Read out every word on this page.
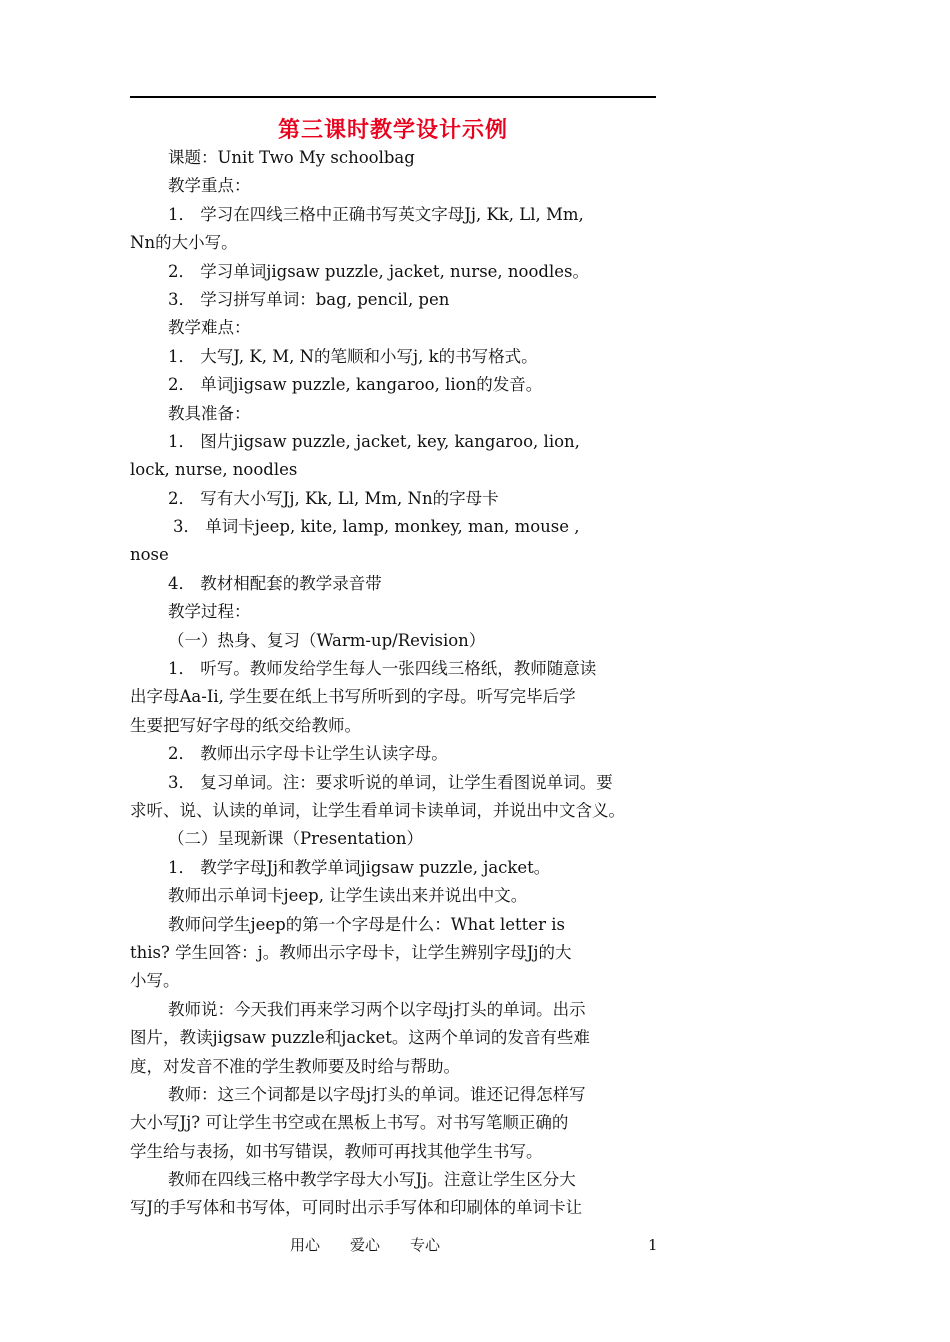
第三课时教学设计示例
课题：Unit Two My schoolbag
教学重点：
1． 学习在四线三格中正确书写英文字母Jj, Kk, Ll, Mm,
Nn的大小写。
2． 学习单词jigsaw puzzle, jacket, nurse, noodles。
3． 学习拼写单词：bag, pencil, pen
教学难点：
1． 大写J, K, M, N的笔顺和小写j, k的书写格式。
2． 单词jigsaw puzzle, kangaroo, lion的发音。
教具准备：
1． 图片jigsaw puzzle, jacket, key, kangaroo, lion,
lock, nurse, noodles
2． 写有大小写Jj, Kk, Ll, Mm, Nn的字母卡
3． 单词卡jeep, kite, lamp, monkey, man, mouse ,
nose
4． 教材相配套的教学录音带
教学过程：
（一）热身、复习（Warm-up/Revision）
1． 听写。教师发给学生每人一张四线三格纸，教师随意读
出字母Aa-Ii, 学生要在纸上书写所听到的字母。听写完毕后学
生要把写好字母的纸交给教师。
2． 教师出示字母卡让学生认读字母。
3． 复习单词。注：要求听说的单词，让学生看图说单词。要
求听、说、认读的单词，让学生看单词卡读单词，并说出中文含义。
（二）呈现新课（Presentation）
1． 教学字母Jj和教学单词jigsaw puzzle, jacket。
教师出示单词卡jeep, 让学生读出来并说出中文。
教师问学生jeep的第一个字母是什么：What letter is
this? 学生回答：j。教师出示字母卡，让学生辨别字母Jj的大
小写。
教师说：今天我们再来学习两个以字母j打头的单词。出示
图片，教读jigsaw puzzle和jacket。这两个单词的发音有些难
度，对发音不准的学生教师要及时给与帮助。
教师：这三个词都是以字母j打头的单词。谁还记得怎样写
大小写Jj? 可让学生书空或在黑板上书写。对书写笔顺正确的
学生给与表扬，如书写错误，教师可再找其他学生书写。
教师在四线三格中教学字母大小写Jj。注意让学生区分大
写J的手写体和书写体，可同时出示手写体和印刷体的单词卡让
用心 爱心 专心	1
